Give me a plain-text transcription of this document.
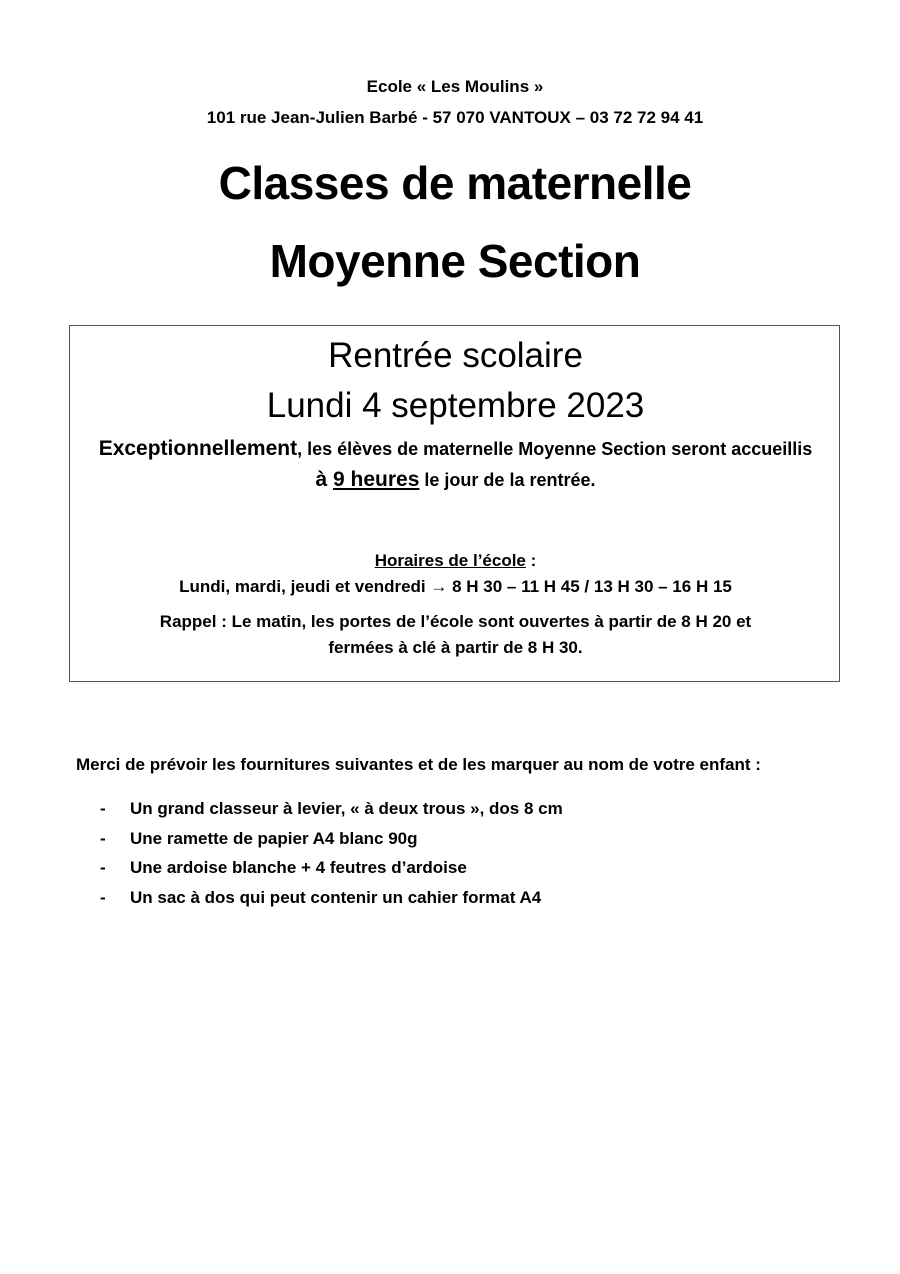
Ecole « Les Moulins »
101 rue Jean-Julien Barbé - 57 070 VANTOUX – 03 72 72 94 41
Classes de maternelle
Moyenne Section
Rentrée scolaire
Lundi 4 septembre 2023
Exceptionnellement, les élèves de maternelle Moyenne Section seront accueillis
à 9 heures le jour de la rentrée.
Horaires de l’école :
Lundi, mardi, jeudi et vendredi → 8 H 30 – 11 H 45 / 13 H 30 – 16 H 15
Rappel : Le matin, les portes de l’école sont ouvertes à partir de 8 H 20 et
fermées à clé à partir de 8 H 30.
Merci de prévoir les fournitures suivantes et de les marquer au nom de votre enfant :
- Un grand classeur à levier, « à deux trous », dos 8 cm
- Une ramette de papier A4 blanc 90g
- Une ardoise blanche + 4 feutres d’ardoise
- Un sac à dos qui peut contenir un cahier format A4
